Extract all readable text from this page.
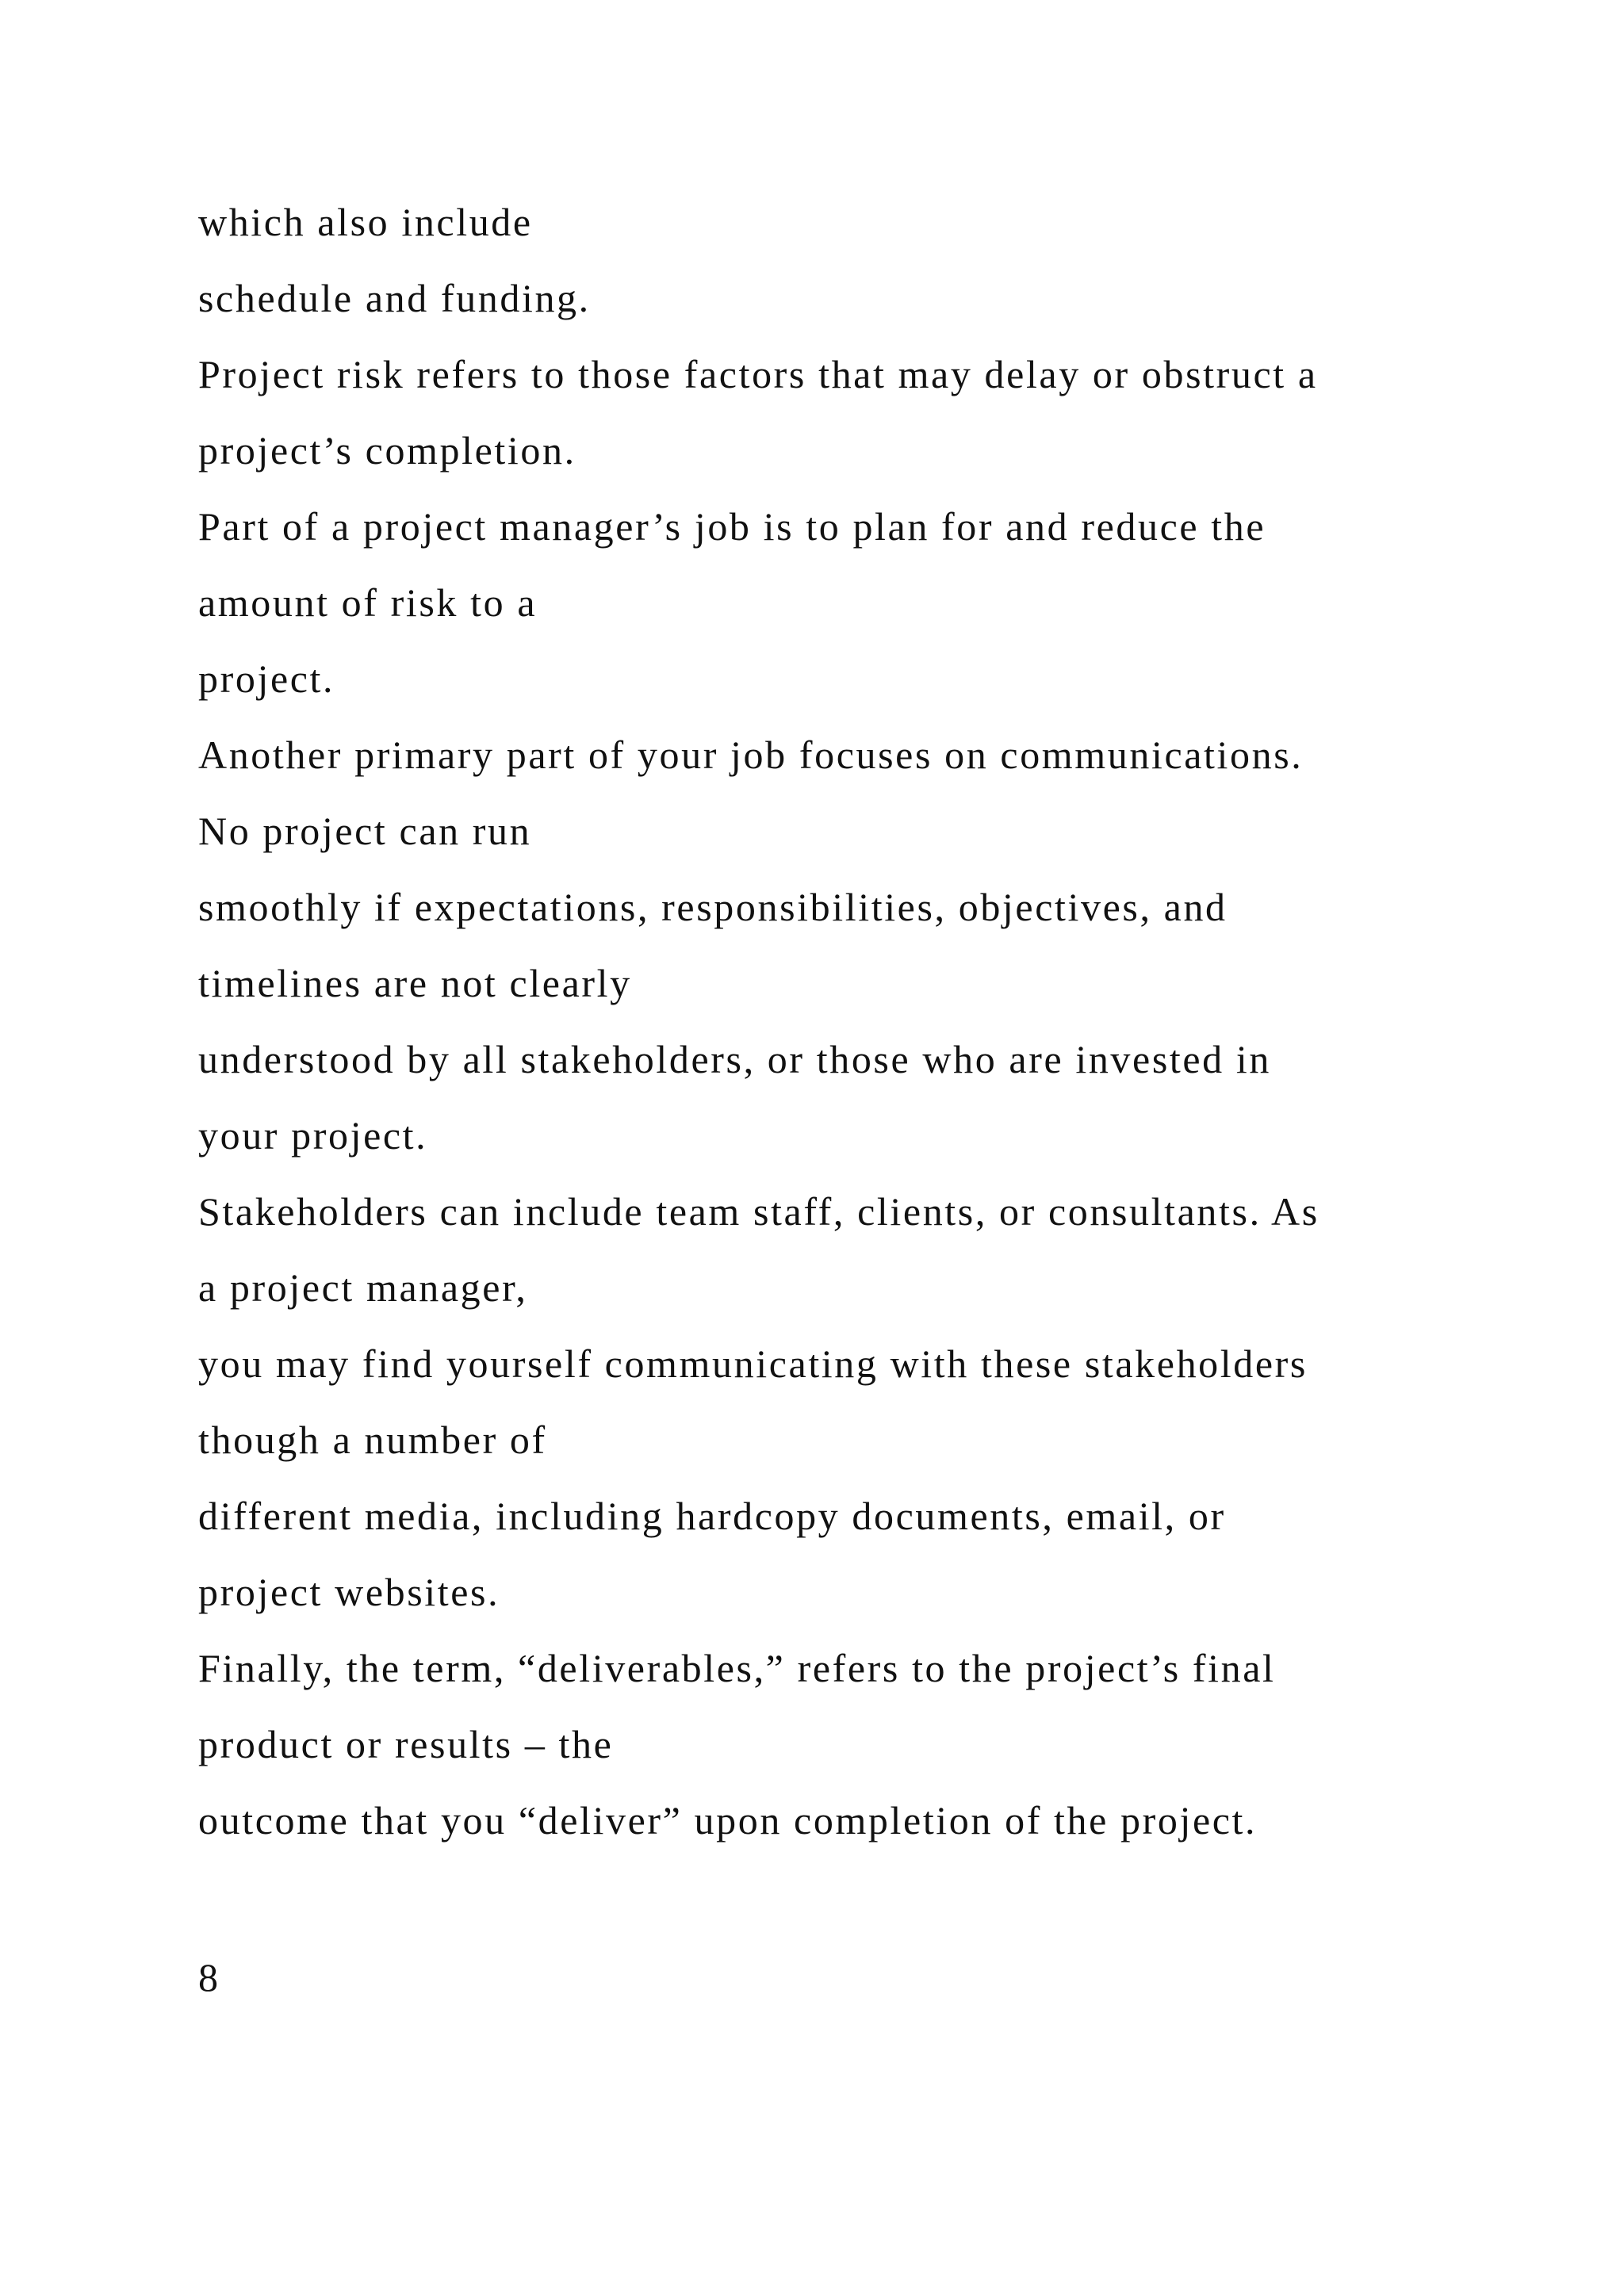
which also include
schedule and funding.
Project risk refers to those factors that may delay or obstruct a
project’s completion.
Part of a project manager’s job is to plan for and reduce the
amount of risk to a
project.
Another primary part of your job focuses on communications.
No project can run
smoothly if expectations, responsibilities, objectives, and
timelines are not clearly
understood by all stakeholders, or those who are invested in
your project.
Stakeholders can include team staff, clients, or consultants. As
a project manager,
you may find yourself communicating with these stakeholders
though a number of
different media, including hardcopy documents, email, or
project websites.
Finally, the term, “deliverables,” refers to the project’s final
product or results – the
outcome that you “deliver” upon completion of the project.
8
